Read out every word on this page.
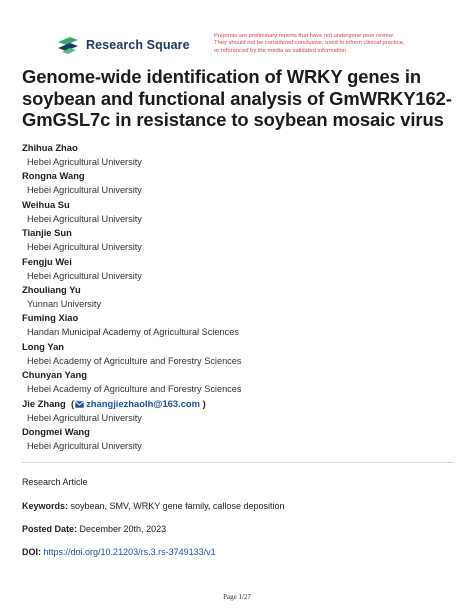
Research Square
Preprints are preliminary reports that have not undergone peer review.
They should not be considered conclusive, used to inform clinical practice,
or referenced by the media as validated information.
Genome-wide identification of WRKY genes in soybean and functional analysis of GmWRKY162-GmGSL7c in resistance to soybean mosaic virus
Zhihua Zhao
Hebei Agricultural University
Rongna Wang
Hebei Agricultural University
Weihua Su
Hebei Agricultural University
Tianjie Sun
Hebei Agricultural University
Fengju Wei
Hebei Agricultural University
Zhouliang Yu
Yunnan University
Fuming Xiao
Handan Municipal Academy of Agricultural Sciences
Long Yan
Hebei Academy of Agriculture and Forestry Sciences
Chunyan Yang
Hebei Academy of Agriculture and Forestry Sciences
Jie Zhang  ( zhangjiezhaolh@163.com )
Hebei Agricultural University
Dongmei Wang
Hebei Agricultural University
Research Article
Keywords: soybean, SMV, WRKY gene family, callose deposition
Posted Date: December 20th, 2023
DOI: https://doi.org/10.21203/rs.3.rs-3749133/v1
Page 1/27
